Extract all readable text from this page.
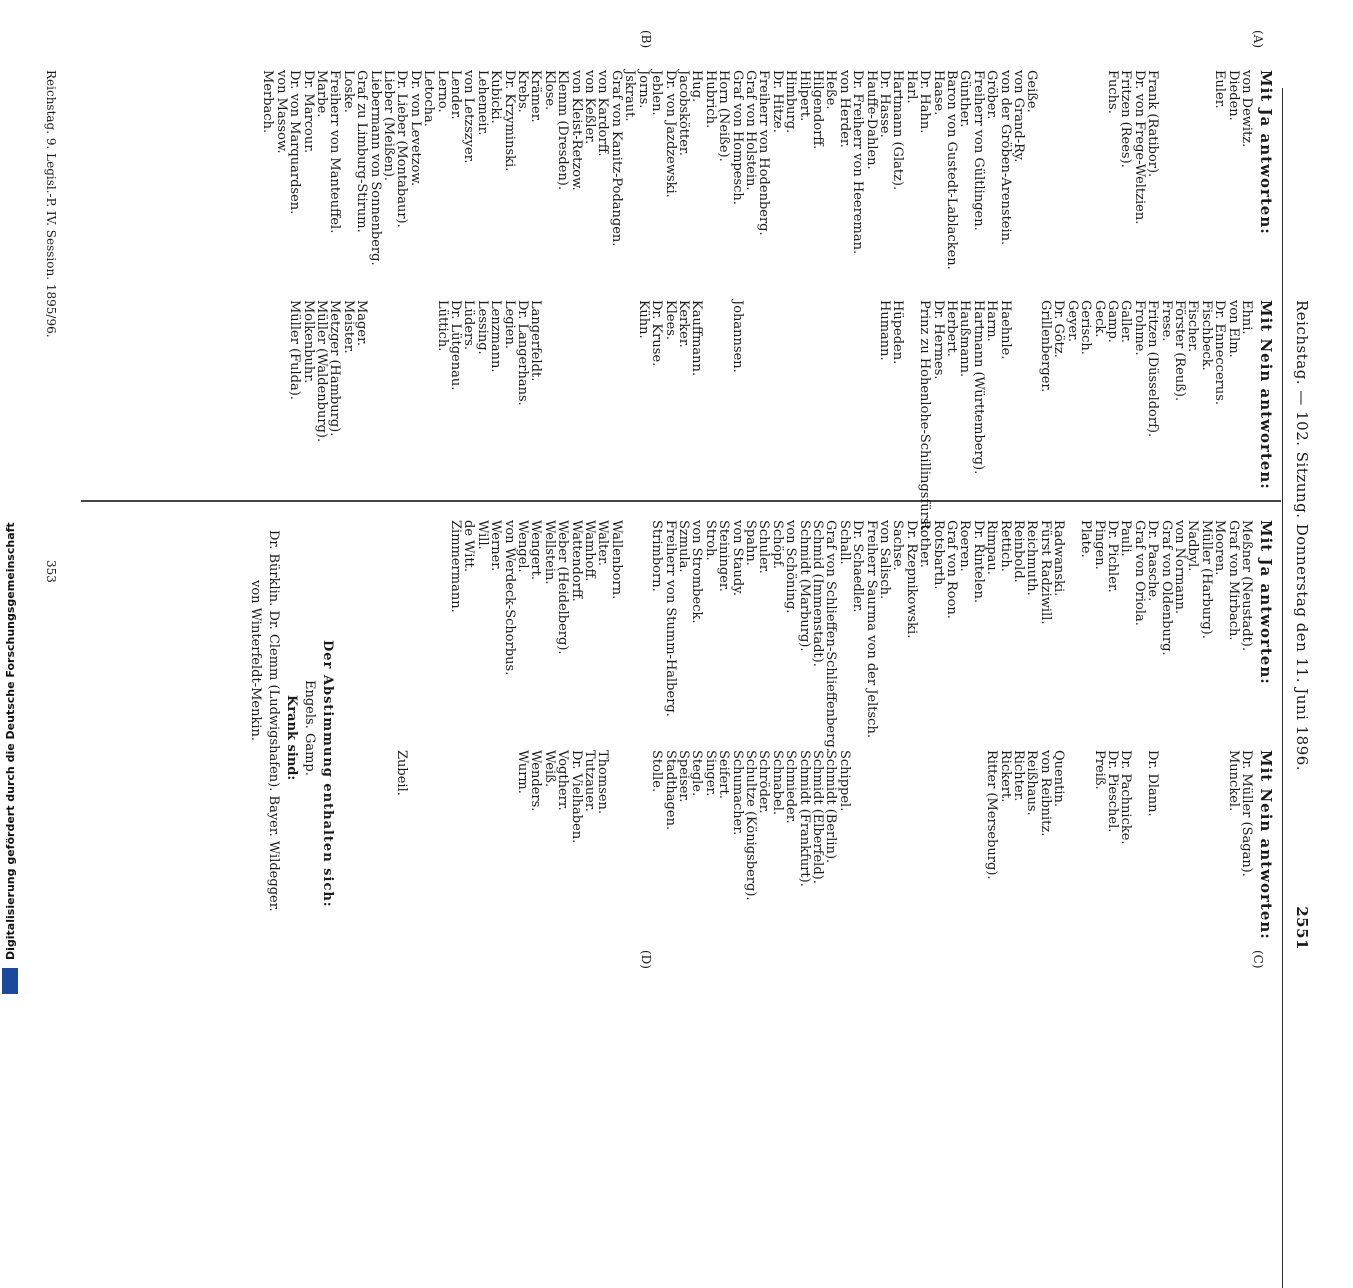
Reichstag. — 102. Sitzung. Donnerstag den 11. Juni 1896.
2551
(A)
(B)
(C)
(D)
Mit Ja antworten:
Mit Nein antworten:
von Dewitz.
Dieden.
Euler.

Frank (Ratibor).
Dr. von Frege-Weltzien.
Fritzen (Rees).
Fuchs.

Geiße.
von Grand-Ry.
von der Gröben-Arenstein.
Gröber.
Freiherr von Gültlingen.
Günther.
Baron von Gustedt-Lablacken.
Haase.
Dr. Hahn.
Harl.
Hartmann (Glatz).
Dr. Hasse.
Hauffe-Dahlen.
Dr. Freiherr von Heereman.
von Herder.
Heße.
Hilgendorff.
Hilpert.
Himburg.
Dr. Hitze.
Freiherr von Hodenberg.
Graf von Holstein.
Graf von Hompesch.
Horn (Neiße).
Hubrich.
Hug.
Jacobskötter.
Dr. von Jazdzewski.
Jeblen.
Jorns.
Jskraut.
Graf von Kanitz-Podangen.
von Kardorff.
von Keßler.
von Kleist-Retzow.
Klemm (Dresden).
Klose.
Krämer.
Krebs.
Dr. Krzyminski.
Kubicki.
Lehemeir.
von Letzszyer.
Lender.
Lerno.
Letocha.
Dr. von Levetzow.
Dr. Lieber (Montabaur).
Lieber (Meißen).
Liebermann von Sonnenberg.
Graf zu Limburg-Stirum.
Loske.
Freiherr von Manteuffel.
Marbe.
Dr. Marcour.
Dr. von Marquardsen.
von Massow.
Merbach.
Ehni.
von Elm.
Dr. Enneccerus.
Fischbeck.
Fischer.
Förster (Reuß).
Frese.
Fritzen (Düsseldorf).
Frohme.
Galler.
Gamp.
Geck.
Gerisch.
Geyer.
Dr. Götz.
Grillenberger.

Haehnle.
Harm.
Hartmann (Württemberg).
Haußmann.
Herbert.
Dr. Hermes.
Prinz zu Hohenlohe-Schillingsfürst.

Hüpeden.
Humann.

Johannsen.

Kauffmann.
Kerker.
Klees.
Dr. Kruse.
Kühn.

Langerfeldt.
Dr. Langerhans.
Legien.
Lenzmann.
Lessing.
Lüders.
Dr. Lütgenau.
Lüttich.

Mager.
Meister.
Metzger (Hamburg).
Müller (Waldenburg).
Molkenbuhr.
Müller (Fulda).
Mit Ja antworten:
Mit Nein antworten:
Meßner (Neustadt).
Graf von Mirbach.
Mooren.
Müller (Harburg).
Nadbyl.
von Normann.
Graf von Oldenburg.
Dr. Paasche.
Graf von Oriola.
Pauli.
Dr. Pichler.
Pingen.
Plate.

Radwanski.
Fürst Radziwill.
Reichmuth.
Reinbold.
Rettich.
Rimpau.
Dr. Rintelen.
Roeren.
Graf von Roon.
Rotsbarth.
Rother.
Dr. Rzepnikowski.
Sachse.
von Salisch.
Freiherr Saurma von der Jeltsch.
Dr. Schaedler.
Schall.
Graf von Schlieffen-Schlieffenberg.
Schmid (Immenstadt).
Schmidt (Marburg).
von Schöning.
Schöpf.
Schuler.
Spahn.
von Staudy.
Steininger.
Stroh.
von Strombeck.
Szmula.
Freiherr von Stumm-Halberg.
Strimborn.

Wallenborn.
Walter.
Wamhoff.
Wattendorff.
Weber (Heidelberg).
Wellstein.
Wengert.
Wengel.
von Werdeck-Schorbus.
Werner.
Will.
de Witt.
Zimmermann.
Dr. Müller (Sagan).
Munckel.

Dr. Dlann.

Dr. Pachnicke.
Dr. Pieschel.
Preiß.

Quentin.
von Reibnitz.
Reißhaus.
Richter.
Rickert.
Ritter (Merseburg).

Schippel.
Schmidt (Berlin).
Schmidt (Elberfeld).
Schmidt (Frankfurt).
Schmieder.
Schnabel.
Schröder.
Schultze (Königsberg).
Schumacher.
Seifert.
Singer.
Stegle.
Speiser.
Stadthagen.
Stolle.

Thomsen.
Tutzauer.
Dr. Vielhaben.
Vogtherr.
Weiß.
Wenders.
Wurm.

Zubeil.
Der Abstimmung enthalten sich:
Engels. Gamp.
Krank sind:
Dr. Bürklin. Dr. Clemm (Ludwigshafen). Bayer. Wildegger.
von Winterfeldt-Menkin.
Reichstag. 9. Legisl.-P. IV. Session. 1895/96.
353
Digitalisierung gefördert durch die Deutsche Forschungsgemeinschaft
